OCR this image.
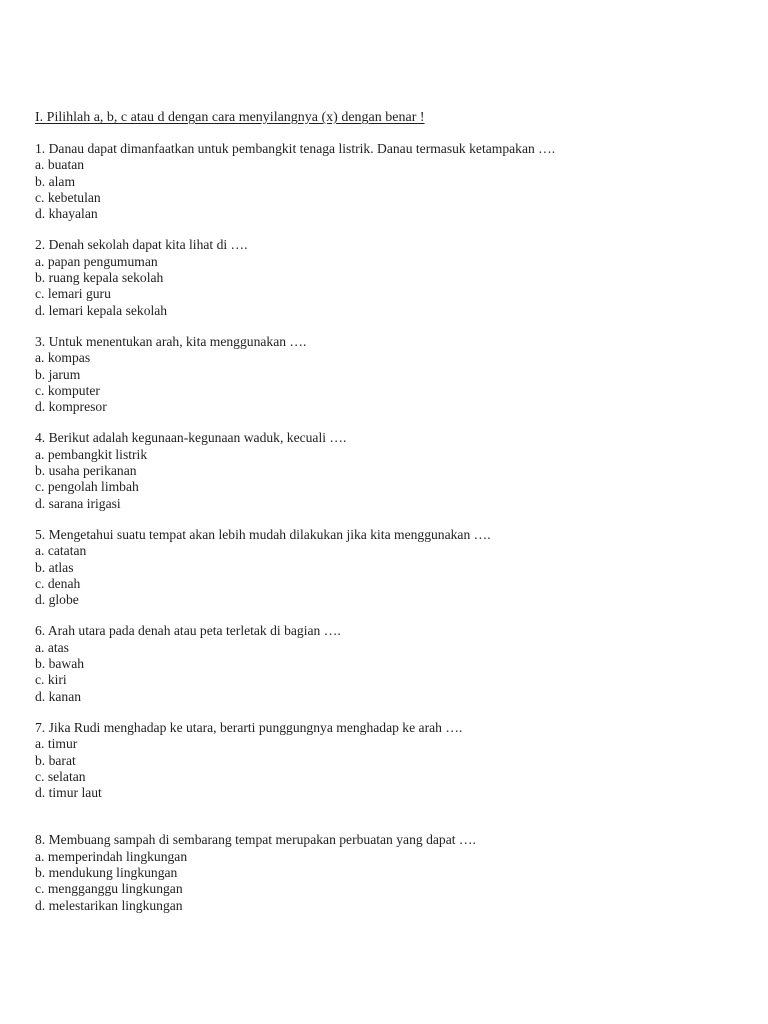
I. Pilihlah a, b, c atau d dengan cara menyilangnya (x) dengan benar !

1. Danau dapat dimanfaatkan untuk pembangkit tenaga listrik. Danau termasuk ketampakan ….
a. buatan
b. alam
c. kebetulan
d. khayalan
2. Denah sekolah dapat kita lihat di ….
a. papan pengumuman
b. ruang kepala sekolah
c. lemari guru
d. lemari kepala sekolah
3. Untuk menentukan arah, kita menggunakan ….
a. kompas
b. jarum
c. komputer
d. kompresor
4. Berikut adalah kegunaan-kegunaan waduk, kecuali ….
a. pembangkit listrik
b. usaha perikanan
c. pengolah limbah
d. sarana irigasi
5. Mengetahui suatu tempat akan lebih mudah dilakukan jika kita menggunakan ….
a. catatan
b. atlas
c. denah
d. globe
6. Arah utara pada denah atau peta terletak di bagian ….
a. atas
b. bawah
c. kiri
d. kanan
7. Jika Rudi menghadap ke utara, berarti punggungnya menghadap ke arah ….
a. timur
b. barat
c. selatan
d. timur laut
8. Membuang sampah di sembarang tempat merupakan perbuatan yang dapat ….
a. memperindah lingkungan
b. mendukung lingkungan
c. mengganggu lingkungan
d. melestarikan lingkungan
